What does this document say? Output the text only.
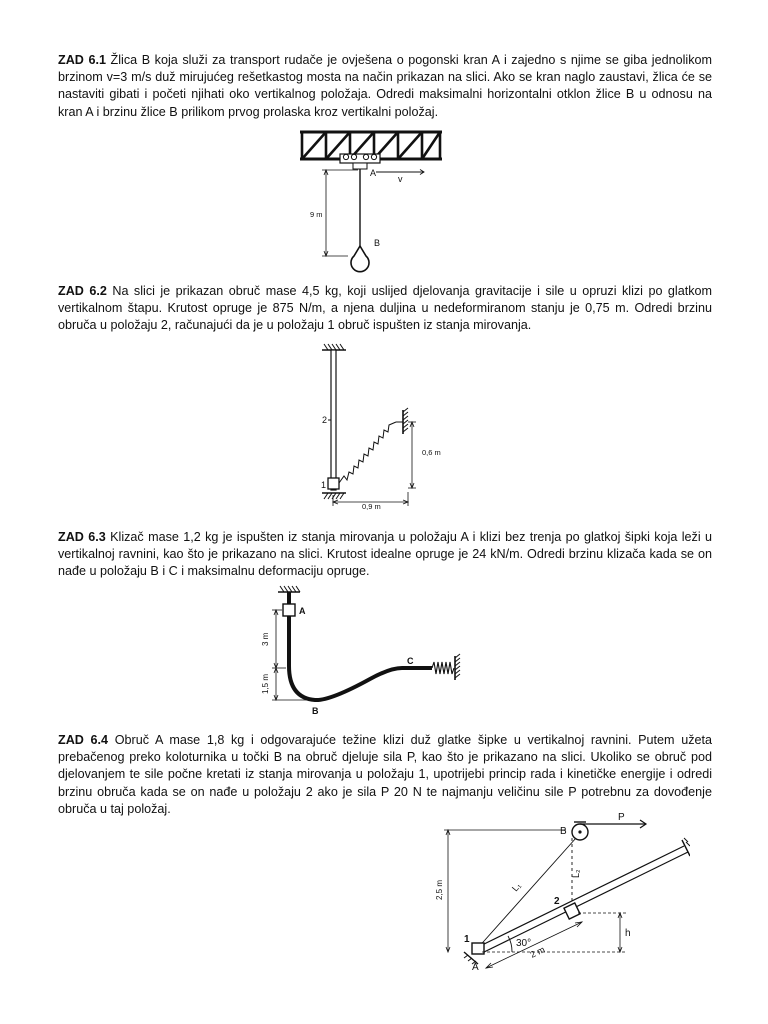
ZAD 6.1 Žlica B koja služi za transport rudače je ovješena o pogonski kran A i zajedno s njime se giba jednolikom brzinom v=3 m/s duž mirujućeg rešetkastog mosta na način prikazan na slici. Ako se kran naglo zaustavi, žlica će se nastaviti gibati i početi njihati oko vertikalnog položaja. Odredi maksimalni horizontalni otklon žlice B u odnosu na kran A i brzinu žlice B prilikom prvog prolaska kroz vertikalni položaj.

A
v
B
9 m

ZAD 6.2 Na slici je prikazan obruč mase 4,5 kg, koji uslijed djelovanja gravitacije i sile u opruzi klizi po glatkom vertikalnom štapu. Krutost opruge je 875 N/m, a njena duljina u nedeformiranom stanju je 0,75 m. Odredi brzinu obruča u položaju 2, računajući da je u položaju 1 obruč ispušten iz stanja mirovanja.

2
1
0,6 m
0,9 m

ZAD 6.3 Klizač mase 1,2 kg je ispušten iz stanja mirovanja u položaju A i klizi bez trenja po glatkoj šipki koja leži u vertikalnoj ravnini, kao što je prikazano na slici. Krutost idealne opruge je 24 kN/m. Odredi brzinu klizača kada se on nađe u položaju B i C i maksimalnu deformaciju opruge.

A
C
B
3 m
1,5 m

ZAD 6.4 Obruč A mase 1,8 kg i odgovarajuće težine klizi duž glatke šipke u vertikalnoj ravnini. Putem užeta prebačenog preko koloturnika u točki B na obruč djeluje sila P, kao što je prikazano na slici. Ukoliko se obruč pod djelovanjem te sile počne kretati iz stanja mirovanja u položaju 1, upotrijebi princip rada i kinetičke energije i odredi brzinu obruča kada se on nađe u položaju 2 ako je sila P 20 N te najmanju veličinu sile P potrebnu za dovođenje obruča u taj položaj.

B
P
L₁
L₂
2,5 m
1
A
2
h
30°
2 m
